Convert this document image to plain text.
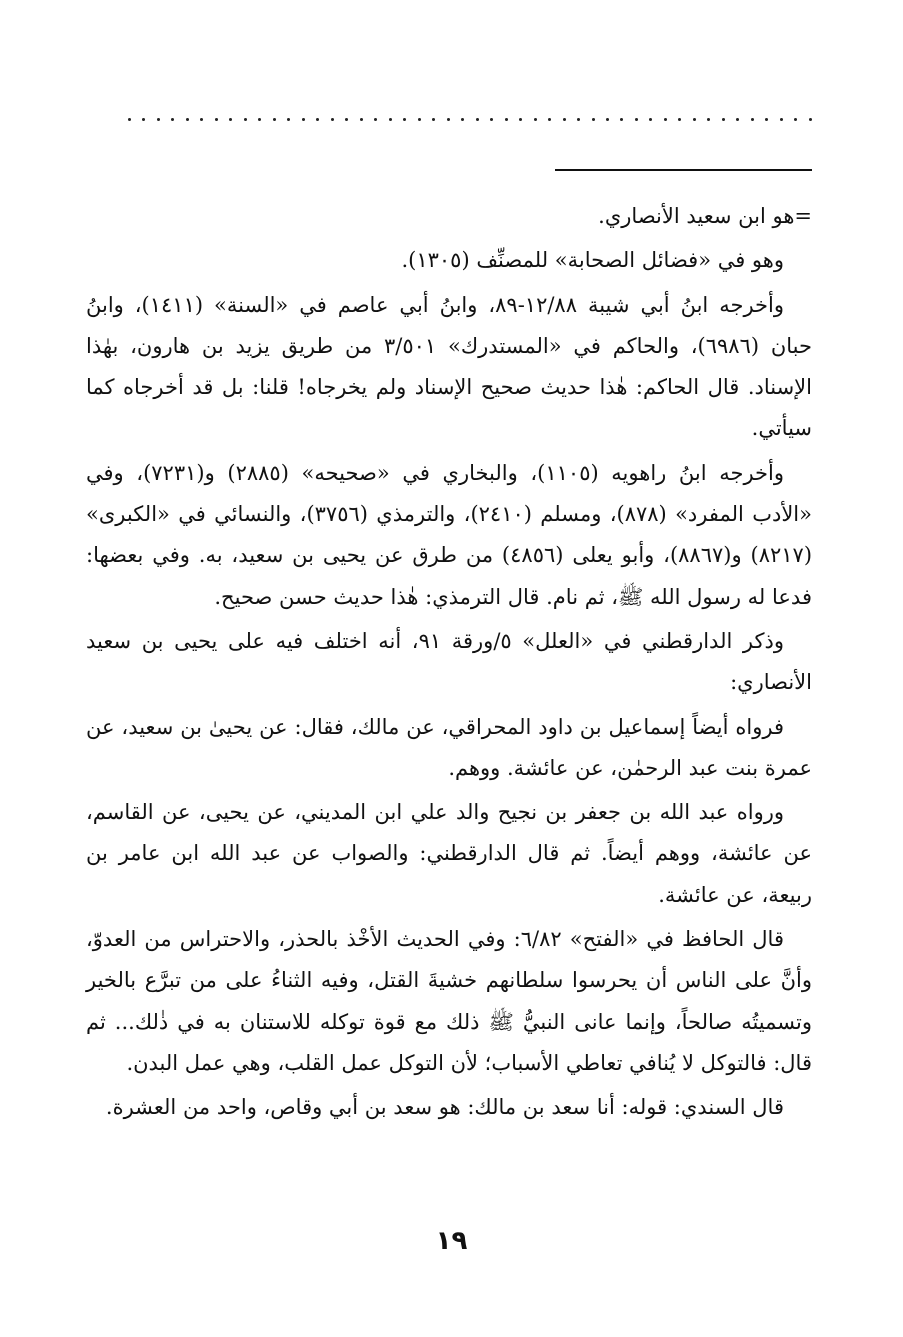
=هو ابن سعيد الأنصاري.

وهو في «فضائل الصحابة» للمصنِّف (١٣٠٥).

وأخرجه ابنُ أبي شيبة ١٢/٨٨-٨٩، وابنُ أبي عاصم في «السنة» (١٤١١)، وابنُ حبان (٦٩٨٦)، والحاكم في «المستدرك» ٣/٥٠١ من طريق يزيد بن هارون، بهٰذا الإسناد. قال الحاكم: هٰذا حديث صحيح الإسناد ولم يخرجاه! قلنا: بل قد أخرجاه كما سيأتي.

وأخرجه ابنُ راهويه (١١٠٥)، والبخاري في «صحيحه» (٢٨٨٥) و(٧٢٣١)، وفي «الأدب المفرد» (٨٧٨)، ومسلم (٢٤١٠)، والترمذي (٣٧٥٦)، والنسائي في «الكبرى» (٨٢١٧) و(٨٨٦٧)، وأبو يعلى (٤٨٥٦) من طرق عن يحيى بن سعيد، به. وفي بعضها: فدعا له رسول الله ﷺ، ثم نام. قال الترمذي: هٰذا حديث حسن صحيح.

وذكر الدارقطني في «العلل» ٥/ورقة ٩١، أنه اختلف فيه على يحيى بن سعيد الأنصاري:

فرواه أيضاً إسماعيل بن داود المحراقي، عن مالك، فقال: عن يحيىٰ بن سعيد، عن عمرة بنت عبد الرحمٰن، عن عائشة. ووهم.

ورواه عبد الله بن جعفر بن نجيح والد علي ابن المديني، عن يحيى، عن القاسم، عن عائشة، ووهم أيضاً. ثم قال الدارقطني: والصواب عن عبد الله ابن عامر بن ربيعة، عن عائشة.

قال الحافظ في «الفتح» ٦/٨٢: وفي الحديث الأخْذ بالحذر، والاحتراس من العدوّ، وأنَّ على الناس أن يحرسوا سلطانهم خشيةَ القتل، وفيه الثناءُ على من تبرَّع بالخير وتسميتُه صالحاً، وإنما عانى النبيُّ ﷺ ذلك مع قوة توكله للاستنان به في ذٰلك... ثم قال: فالتوكل لا يُنافي تعاطي الأسباب؛ لأن التوكل عمل القلب، وهي عمل البدن.

قال السندي: قوله: أنا سعد بن مالك: هو سعد بن أبي وقاص، واحد من العشرة.

١٩
